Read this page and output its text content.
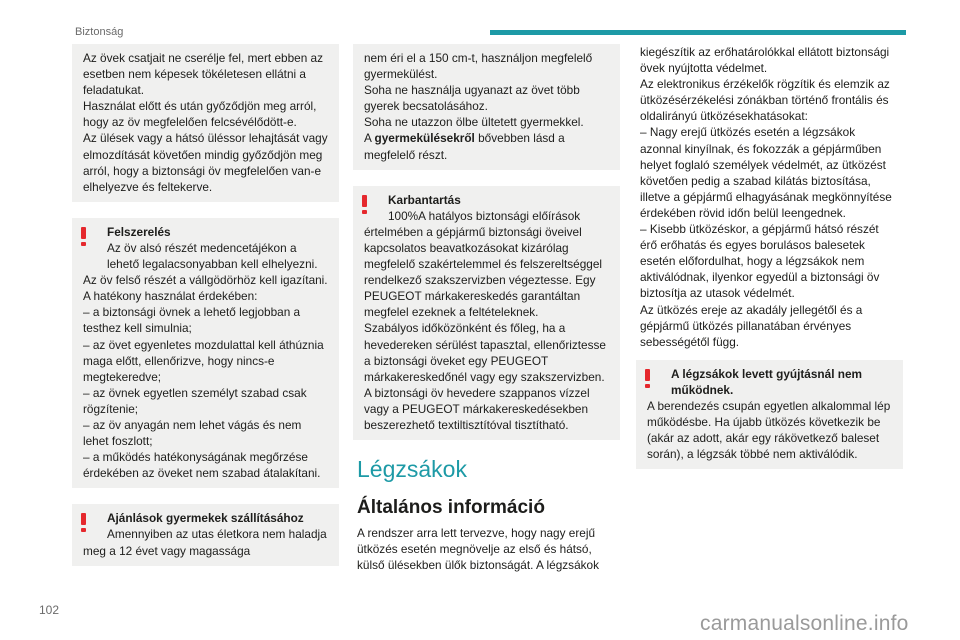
Biztonság

Az övek csatjait ne cserélje fel, mert ebben az esetben nem képesek tökéletesen ellátni a feladatukat.

Használat előtt és után győződjön meg arról, hogy az öv megfelelően felcsévélődött-e.

Az ülések vagy a hátsó üléssor lehajtását vagy elmozdítását követően mindig győződjön meg arról, hogy a biztonsági öv megfelelően van-e elhelyezve és feltekerve.

Felszerelés

Az öv alsó részét medencetájékon a lehető legalacsonyabban kell elhelyezni.

Az öv felső részét a vállgödörhöz kell igazítani.

A hatékony használat érdekében:

– a biztonsági övnek a lehető legjobban a testhez kell simulnia;

– az övet egyenletes mozdulattal kell áthúznia maga előtt, ellenőrizve, hogy nincs-e megtekeredve;

– az övnek egyetlen személyt szabad csak rögzítenie;

– az öv anyagán nem lehet vágás és nem lehet foszlott;

– a működés hatékonyságának megőrzése érdekében az öveket nem szabad átalakítani.

Ajánlások gyermekek szállításához

Amennyiben az utas életkora nem haladja meg a 12 évet vagy magassága

nem éri el a 150 cm-t, használjon megfelelő gyermekülést.

Soha ne használja ugyanazt az övet több gyerek becsatolásához.

Soha ne utazzon ölbe ültetett gyermekkel.

A gyermekülésekről bővebben lásd a megfelelő részt.

Karbantartás

100%A hatályos biztonsági előírások értelmében a gépjármű biztonsági öveivel kapcsolatos beavatkozásokat kizárólag megfelelő szakértelemmel és felszereltséggel rendelkező szakszervizben végeztesse. Egy PEUGEOT márkakereskedés garantáltan megfelel ezeknek a feltételeknek.

Szabályos időközönként és főleg, ha a hevedereken sérülést tapasztal, ellenőriztesse a biztonsági öveket egy PEUGEOT márkakereskedőnél vagy egy szakszervizben.

A biztonsági öv hevedere szappanos vízzel vagy a PEUGEOT márkakereskedésekben beszerezhető textiltisztítóval tisztítható.

Légzsákok
Általános információ

A rendszer arra lett tervezve, hogy nagy erejű ütközés esetén megnövelje az első és hátsó, külső ülésekben ülők biztonságát. A légzsákok

kiegészítik az erőhatárolókkal ellátott biztonsági övek nyújtotta védelmet.

Az elektronikus érzékelők rögzítik és elemzik az ütközésérzékelési zónákban történő frontális és oldalirányú ütközésekhatásokat:

– Nagy erejű ütközés esetén a légzsákok azonnal kinyílnak, és fokozzák a gépjárműben helyet foglaló személyek védelmét, az ütközést követően pedig a szabad kilátás biztosítása, illetve a gépjármű elhagyásának megkönnyítése érdekében rövid időn belül leengednek.

– Kisebb ütközéskor, a gépjármű hátsó részét érő erőhatás és egyes borulásos balesetek esetén előfordulhat, hogy a légzsákok nem aktiválódnak, ilyenkor egyedül a biztonsági öv biztosítja az utasok védelmét.

Az ütközés ereje az akadály jellegétől és a gépjármű ütközés pillanatában érvényes sebességétől függ.

A légzsákok levett gyújtásnál nem működnek.

A berendezés csupán egyetlen alkalommal lép működésbe. Ha újabb ütközés következik be (akár az adott, akár egy rákövetkező baleset során), a légzsák többé nem aktiválódik.

102
carmanualsonline.info
